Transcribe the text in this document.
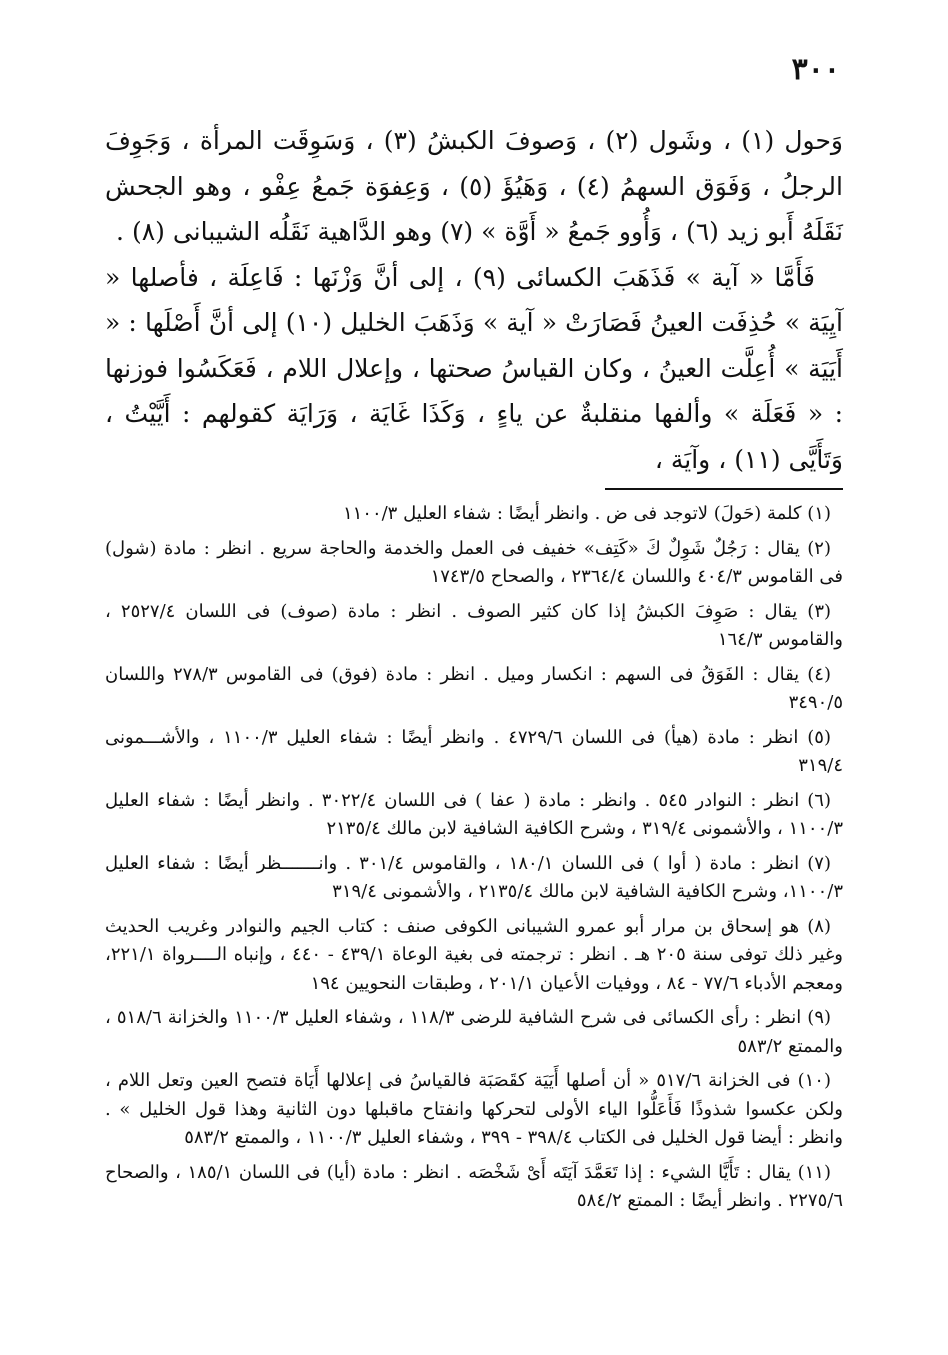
٣٠٠

وَحول (١) ، وشَول (٢) ، وَصوفَ الكبشُ (٣) ، وَسَوِقَت المرأة ، وَجَوِفَ الرجلُ ، وَفَوَق السهمُ (٤) ، وَهَيُؤَ (٥) ، وَعِفوَة جَمعُ عِفْو ، وهو الجحش نَقَلَهُ أَبو زيد (٦) ، وَأُوو جَمعُ « أَوَّة » (٧) وهو الدَّاهية نَقَلُه الشيبانى (٨) .

فَأَمَّا « آية » فَذَهَبَ الكسائى (٩) ، إلى أنَّ وَزْنَها : فَاعِلَة ، فأصلها « آيِيَة » حُذِفَت العينُ فَصَارَتْ « آية » وَذَهَبَ الخليل (١٠) إلى أنَّ أَصْلَها : « أَيَيَة » أُعِلَّت العينُ ، وكان القياسُ صحتها ، وإعلال اللام ، فَعَكَسُوا فوزنها : « فَعَلَة » وألفها منقلبةٌ عن ياءٍ ، وَكَذَا غَايَة ، وَرَايَة كقولهم : أَيَّيْتُ ، وَتَأَيَّى (١١) ، وآيَة ،

(١) كلمة (حَولَ) لاتوجد فى ض . وانظر أيضًا : شفاء العليل ١١٠٠/٣

(٢) يقال : رَجُلٌ شَوِلٌ كَ «كَتِف» خفيف فى العمل والخدمة والحاجة سريع . انظر : مادة (شول) فى القاموس ٤٠٤/٣ واللسان ٢٣٦٤/٤ ، والصحاح ١٧٤٣/٥

(٣) يقال : صَوِفَ الكبشُ إذا كان كثير الصوف . انظر : مادة (صوف) فى اللسان ٢٥٢٧/٤ ، والقاموس ١٦٤/٣

(٤) يقال : الفَوَقُ فى السهم : انكسار وميل . انظر : مادة (فوق) فى القاموس ٢٧٨/٣ واللسان ٣٤٩٠/٥

(٥) انظر : مادة (هيأ) فى اللسان ٤٧٢٩/٦ . وانظر أيضًا : شفاء العليل ١١٠٠/٣ ، والأشـــمونى ٣١٩/٤

(٦) انظر : النوادر ٥٤٥ . وانظر : مادة ( عفا ) فى اللسان ٣٠٢٢/٤ . وانظر أيضًا : شفاء العليل ١١٠٠/٣ ، والأشمونى ٣١٩/٤ ، وشرح الكافية الشافية لابن مالك ٢١٣٥/٤

(٧) انظر : مادة ( أوا ) فى اللسان ١٨٠/١ ، والقاموس ٣٠١/٤ . وانـــــــظر أيضًا : شفاء العليل ١١٠٠/٣، وشرح الكافية الشافية لابن مالك ٢١٣٥/٤ ، والأشمونى ٣١٩/٤

(٨) هو إسحاق بن مرار أبو عمرو الشيبانى الكوفى صنف : كتاب الجيم والنوادر وغريب الحديث وغير ذلك توفى سنة ٢٠٥ هـ . انظر : ترجمته فى بغية الوعاة ٤٣٩/١ - ٤٤٠ ، وإنباه الــــرواة ٢٢١/١، ومعجم الأدباء ٧٧/٦ - ٨٤ ، ووفيات الأعيان ٢٠١/١ ، وطبقات النحويين ١٩٤

(٩) انظر : رأى الكسائى فى شرح الشافية للرضى ١١٨/٣ ، وشفاء العليل ١١٠٠/٣ والخزانة ٥١٨/٦ ، والممتع ٥٨٣/٢

(١٠) فى الخزانة ٥١٧/٦ « أن أصلها أَيَيَة كقَصَبَة فالقياسُ فى إعلالها أَيَاة فتصح العين وتعل اللام ، ولكن عكسوا شذوذًا فَأَعَلُّوا الياء الأولى لتحركها وانفتاح ماقبلها دون الثانية وهذا قول الخليل » . وانظر : أيضا قول الخليل فى الكتاب ٣٩٨/٤ - ٣٩٩ ، وشفاء العليل ١١٠٠/٣ ، والممتع ٥٨٣/٢

(١١) يقال : تَأَيَّا الشيء : إذا تَعَمَّدَ آيَتَه أَىْ شَخْصَه . انظر : مادة (أيا) فى اللسان ١٨٥/١ ، والصحاح ٢٢٧٥/٦ . وانظر أيضًا : الممتع ٥٨٤/٢
